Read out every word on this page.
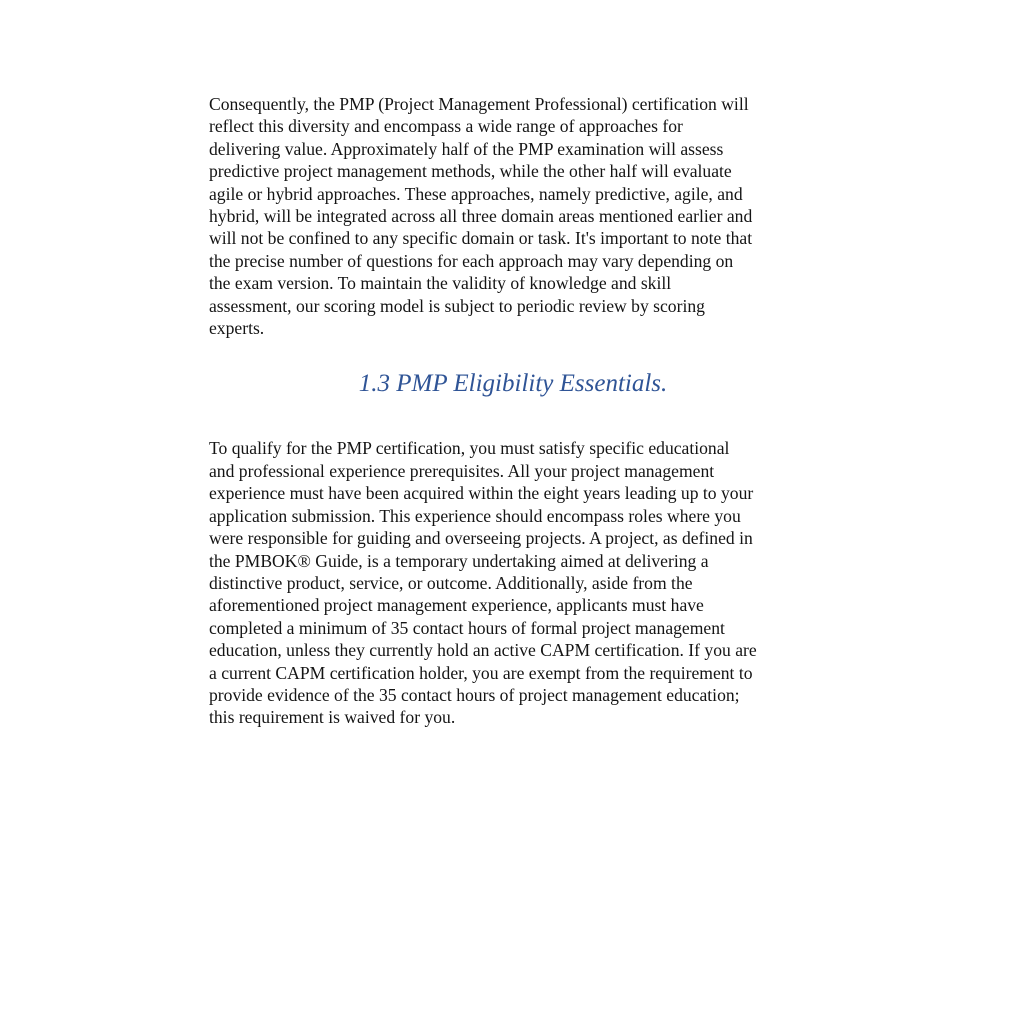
Consequently, the PMP (Project Management Professional) certification will
reflect this diversity and encompass a wide range of approaches for
delivering value. Approximately half of the PMP examination will assess
predictive project management methods, while the other half will evaluate
agile or hybrid approaches. These approaches, namely predictive, agile, and
hybrid, will be integrated across all three domain areas mentioned earlier and
will not be confined to any specific domain or task. It's important to note that
the precise number of questions for each approach may vary depending on
the exam version. To maintain the validity of knowledge and skill
assessment, our scoring model is subject to periodic review by scoring
experts.

1.3 PMP Eligibility Essentials.

To qualify for the PMP certification, you must satisfy specific educational
and professional experience prerequisites. All your project management
experience must have been acquired within the eight years leading up to your
application submission. This experience should encompass roles where you
were responsible for guiding and overseeing projects. A project, as defined in
the PMBOK® Guide, is a temporary undertaking aimed at delivering a
distinctive product, service, or outcome. Additionally, aside from the
aforementioned project management experience, applicants must have
completed a minimum of 35 contact hours of formal project management
education, unless they currently hold an active CAPM certification. If you are
a current CAPM certification holder, you are exempt from the requirement to
provide evidence of the 35 contact hours of project management education;
this requirement is waived for you.
